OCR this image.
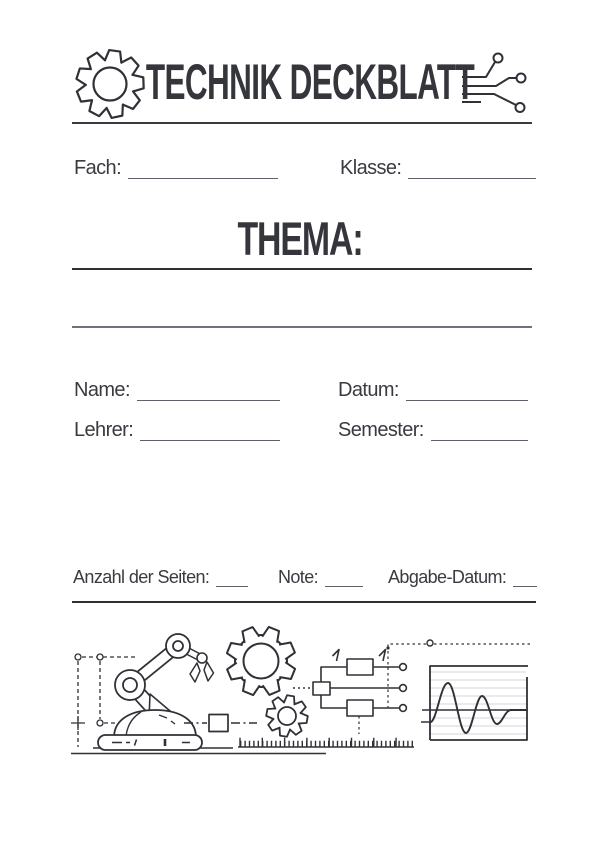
TECHNIK DECKBLATT
Fach:	Klasse:
THEMA:
Name:	Datum:
Lehrer:	Semester:
Anzahl der Seiten:	Note:	Abgabe-Datum:
